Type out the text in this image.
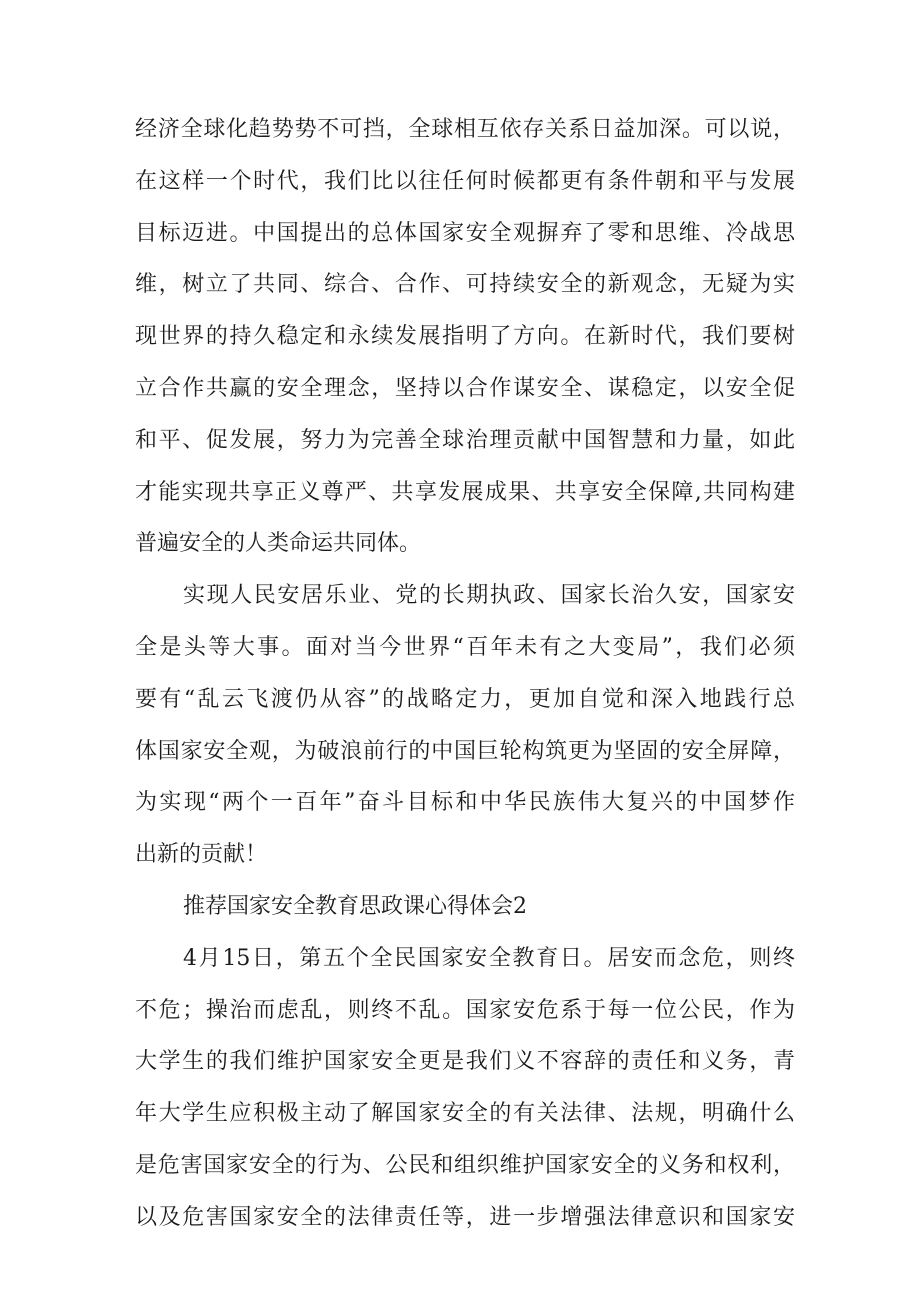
经济全球化趋势势不可挡，全球相互依存关系日益加深。可以说，
在这样一个时代，我们比以往任何时候都更有条件朝和平与发展
目标迈进。中国提出的总体国家安全观摒弃了零和思维、冷战思
维，树立了共同、综合、合作、可持续安全的新观念，无疑为实
现世界的持久稳定和永续发展指明了方向。在新时代，我们要树
立合作共赢的安全理念，坚持以合作谋安全、谋稳定，以安全促
和平、促发展，努力为完善全球治理贡献中国智慧和力量，如此
才能实现共享正义尊严、共享发展成果、共享安全保障,共同构建
普遍安全的人类命运共同体。
实现人民安居乐业、党的长期执政、国家长治久安，国家安
全是头等大事。面对当今世界“百年未有之大变局”，我们必须
要有“乱云飞渡仍从容”的战略定力，更加自觉和深入地践行总
体国家安全观，为破浪前行的中国巨轮构筑更为坚固的安全屏障，
为实现“两个一百年”奋斗目标和中华民族伟大复兴的中国梦作
出新的贡献！
推荐国家安全教育思政课心得体会2
4月15日，第五个全民国家安全教育日。居安而念危，则终
不危；操治而虑乱，则终不乱。国家安危系于每一位公民，作为
大学生的我们维护国家安全更是我们义不容辞的责任和义务，青
年大学生应积极主动了解国家安全的有关法律、法规，明确什么
是危害国家安全的行为、公民和组织维护国家安全的义务和权利，
以及危害国家安全的法律责任等，进一步增强法律意识和国家安
